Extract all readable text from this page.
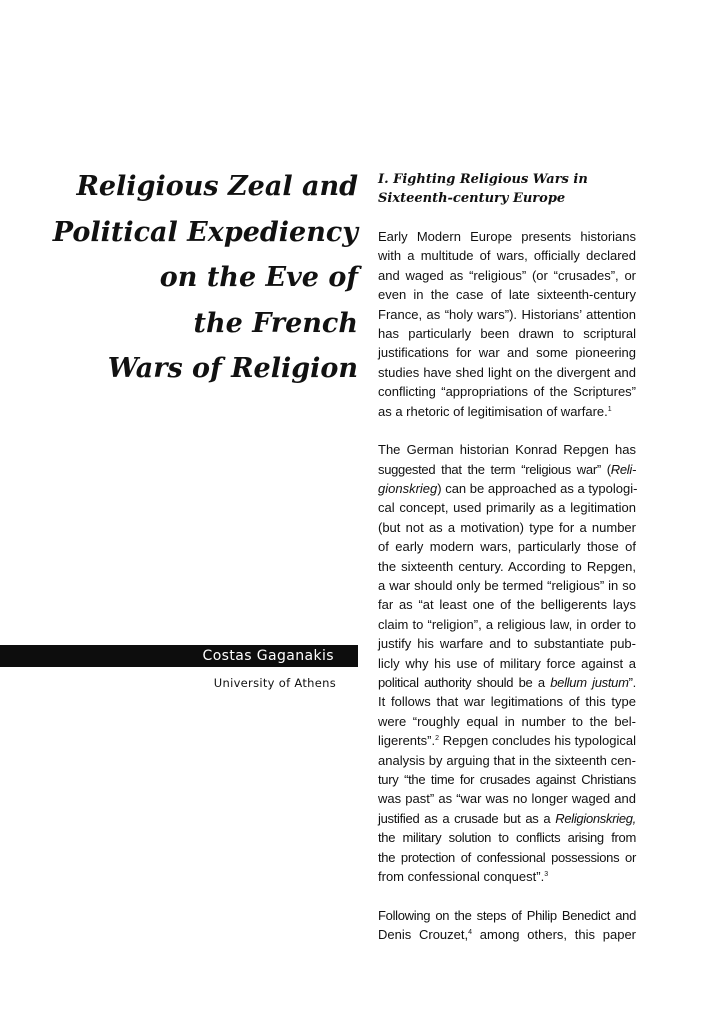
Religious Zeal and
Political Expediency
on the Eve of
the French
Wars of Religion
Costas Gaganakis
University of Athens
I. Fighting Religious Wars in
Sixteenth-century Europe

Early Modern Europe presents historians
with a multitude of wars, officially declared
and waged as “religious” (or “crusades”, or
even in the case of late sixteenth-century
France, as “holy wars”). Historians’ attention
has particularly been drawn to scriptural
justifications for war and some pioneering
studies have shed light on the divergent and
conflicting “appropriations of the Scriptures”
as a rhetoric of legitimisation of warfare.$^1$

The German historian Konrad Repgen has
suggested that the term “religious war” (Reli-
gionskrieg) can be approached as a typologi-
cal concept, used primarily as a legitimation
(but not as a motivation) type for a number
of early modern wars, particularly those of
the sixteenth century. According to Repgen,
a war should only be termed “religious” in so
far as “at least one of the belligerents lays
claim to “religion”, a religious law, in order to
justify his warfare and to substantiate pub-
licly why his use of military force against a
political authority should be a bellum justum”.
It follows that war legitimations of this type
were “roughly equal in number to the bel-
ligerents”.$^2$ Repgen concludes his typological
analysis by arguing that in the sixteenth cen-
tury “the time for crusades against Christians
was past” as “war was no longer waged and
justified as a crusade but as a Religionskrieg,
the military solution to conflicts arising from
the protection of confessional possessions or
from confessional conquest”.$^3$

Following on the steps of Philip Benedict and
Denis Crouzet,$^4$ among others, this paper
